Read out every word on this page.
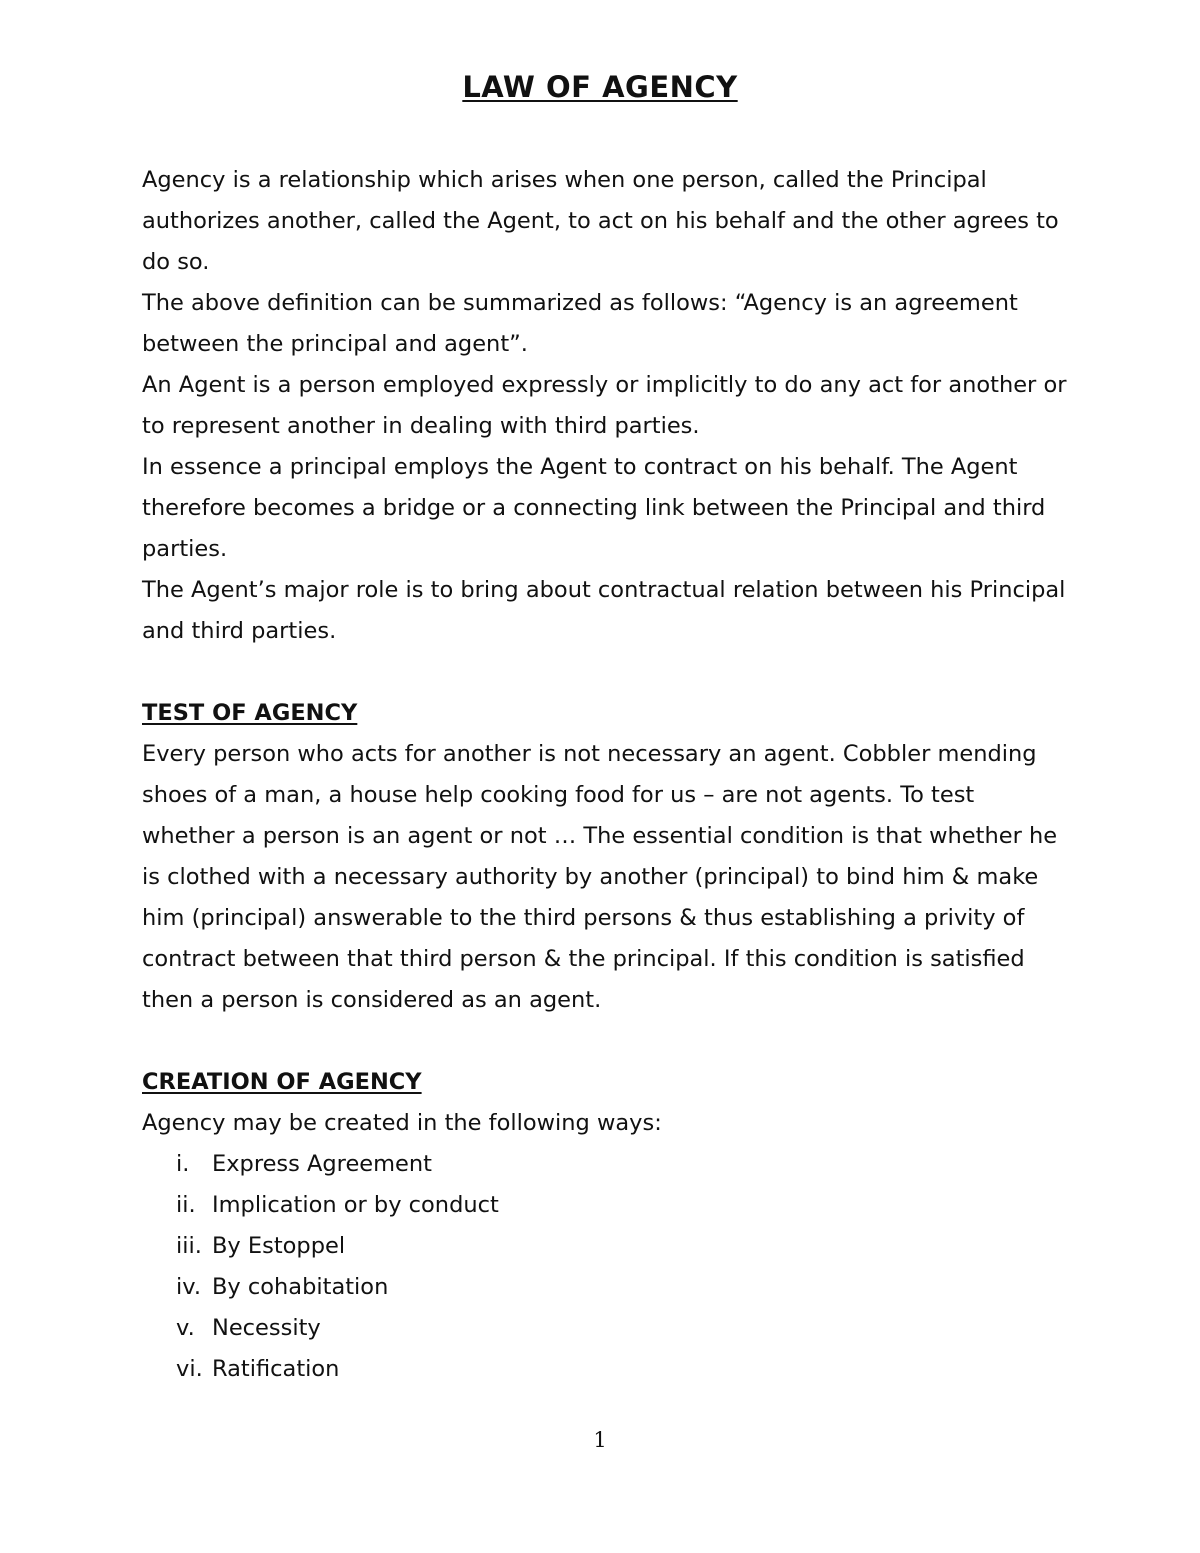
LAW OF AGENCY

Agency is a relationship which arises when one person, called the Principal authorizes another, called the Agent, to act on his behalf and the other agrees to do so.

The above definition can be summarized as follows: “Agency is an agreement between the principal and agent”.

An Agent is a person employed expressly or implicitly to do any act for another or to represent another in dealing with third parties.

In essence a principal employs the Agent to contract on his behalf. The Agent therefore becomes a bridge or a connecting link between the Principal and third parties.

The Agent’s major role is to bring about contractual relation between his Principal and third parties.

TEST OF AGENCY

Every person who acts for another is not necessary an agent. Cobbler mending shoes of a man, a house help cooking food for us – are not agents. To test whether a person is an agent or not … The essential condition is that whether he is clothed with a necessary authority by another (principal) to bind him & make him (principal) answerable to the third persons & thus establishing a privity of contract between that third person & the principal. If this condition is satisfied then a person is considered as an agent.

CREATION OF AGENCY

Agency may be created in the following ways:

i. Express Agreement
ii. Implication or by conduct
iii. By Estoppel
iv. By cohabitation
v. Necessity
vi. Ratification
1
